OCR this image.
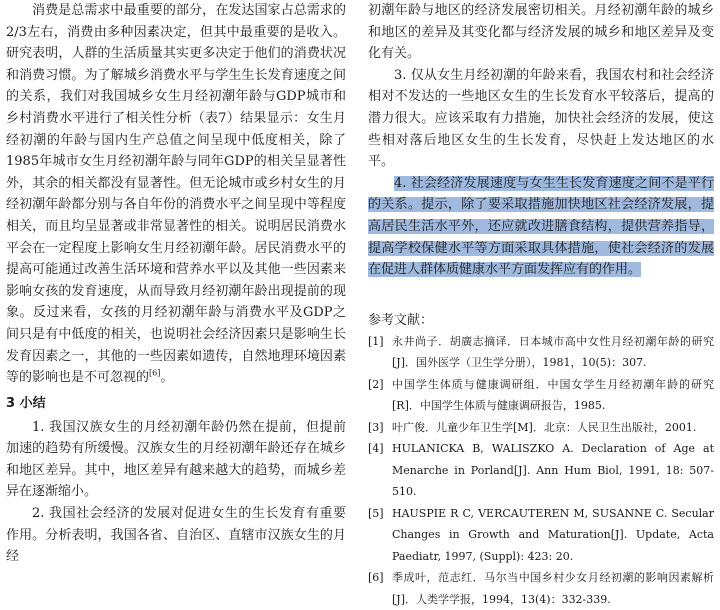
消费是总需求中最重要的部分，在发达国家占总需求的2/3左右，消费由多种因素决定，但其中最重要的是收入。研究表明，人群的生活质量其实更多决定于他们的消费状况和消费习惯。为了解城乡消费水平与学生生长发育速度之间的关系，我们对我国城乡女生月经初潮年龄与GDP城市和乡村消费水平进行了相关性分析（表7）结果显示：女生月经初潮的年龄与国内生产总值之间呈现中低度相关，除了1985年城市女生月经初潮年龄与同年GDP的相关呈显著性外，其余的相关都没有显著性。但无论城市或乡村女生的月经初潮年龄都分别与各自年份的消费水平之间呈现中等程度相关，而且均呈显著或非常显著性的相关。说明居民消费水平会在一定程度上影响女生月经初潮年龄。居民消费水平的提高可能通过改善生活环境和营养水平以及其他一些因素来影响女孩的发育速度，从而导致月经初潮年龄出现提前的现象。反过来看，女孩的月经初潮年龄与消费水平及GDP之间只是有中低度的相关，也说明社会经济因素只是影响生长发育因素之一，其他的一些因素如遗传，自然地理环境因素等的影响也是不可忽视的[6]。

3 小结

1. 我国汉族女生的月经初潮年龄仍然在提前，但提前加速的趋势有所缓慢。汉族女生的月经初潮年龄还存在城乡和地区差异。其中，地区差异有越来越大的趋势，而城乡差异在逐渐缩小。

2. 我国社会经济的发展对促进女生的生长发育有重要作用。分析表明，我国各省、自治区、直辖市汉族女生的月经

初潮年龄与地区的经济发展密切相关。月经初潮年龄的城乡和地区的差异及其变化都与经济发展的城乡和地区差异及变化有关。

3. 仅从女生月经初潮的年龄来看，我国农村和社会经济相对不发达的一些地区女生的生长发育水平较落后，提高的潜力很大。应该采取有力措施，加快社会经济的发展，使这些相对落后地区女生的生长发育，尽快赶上发达地区的水平。

4. 社会经济发展速度与女生生长发育速度之间不是平行的关系。提示，除了要采取措施加快地区社会经济发展，提高居民生活水平外，还应就改进膳食结构，提供营养指导，提高学校保健水平等方面采取具体措施，使社会经济的发展在促进人群体质健康水平方面发挥应有的作用。

参考文献：
[1] 永井尚子．胡廣志摘译．日本城市高中女性月经初潮年龄的研究[J]．国外医学（卫生学分册），1981，10(5)：307.
[2] 中国学生体质与健康调研组．中国女学生月经初潮年龄的研究[R]．中国学生体质与健康调研报告，1985.
[3] 叶广俊．儿童少年卫生学[M]．北京：人民卫生出版社，2001.
[4] HULANICKA B, WALISZKO A. Declaration of Age at Menarche in Porland[J]. Ann Hum Biol, 1991, 18: 507-510.
[5] HAUSPIE R C, VERCAUTEREN M, SUSANNE C. Secular Changes in Growth and Maturation[J]. Update, Acta Paediatr, 1997, (Suppl): 423: 20.
[6] 季成叶，范志红．马尔当中国乡村少女月经初潮的影响因素解析[J]．人类学学报，1994，13(4)：332-339.
